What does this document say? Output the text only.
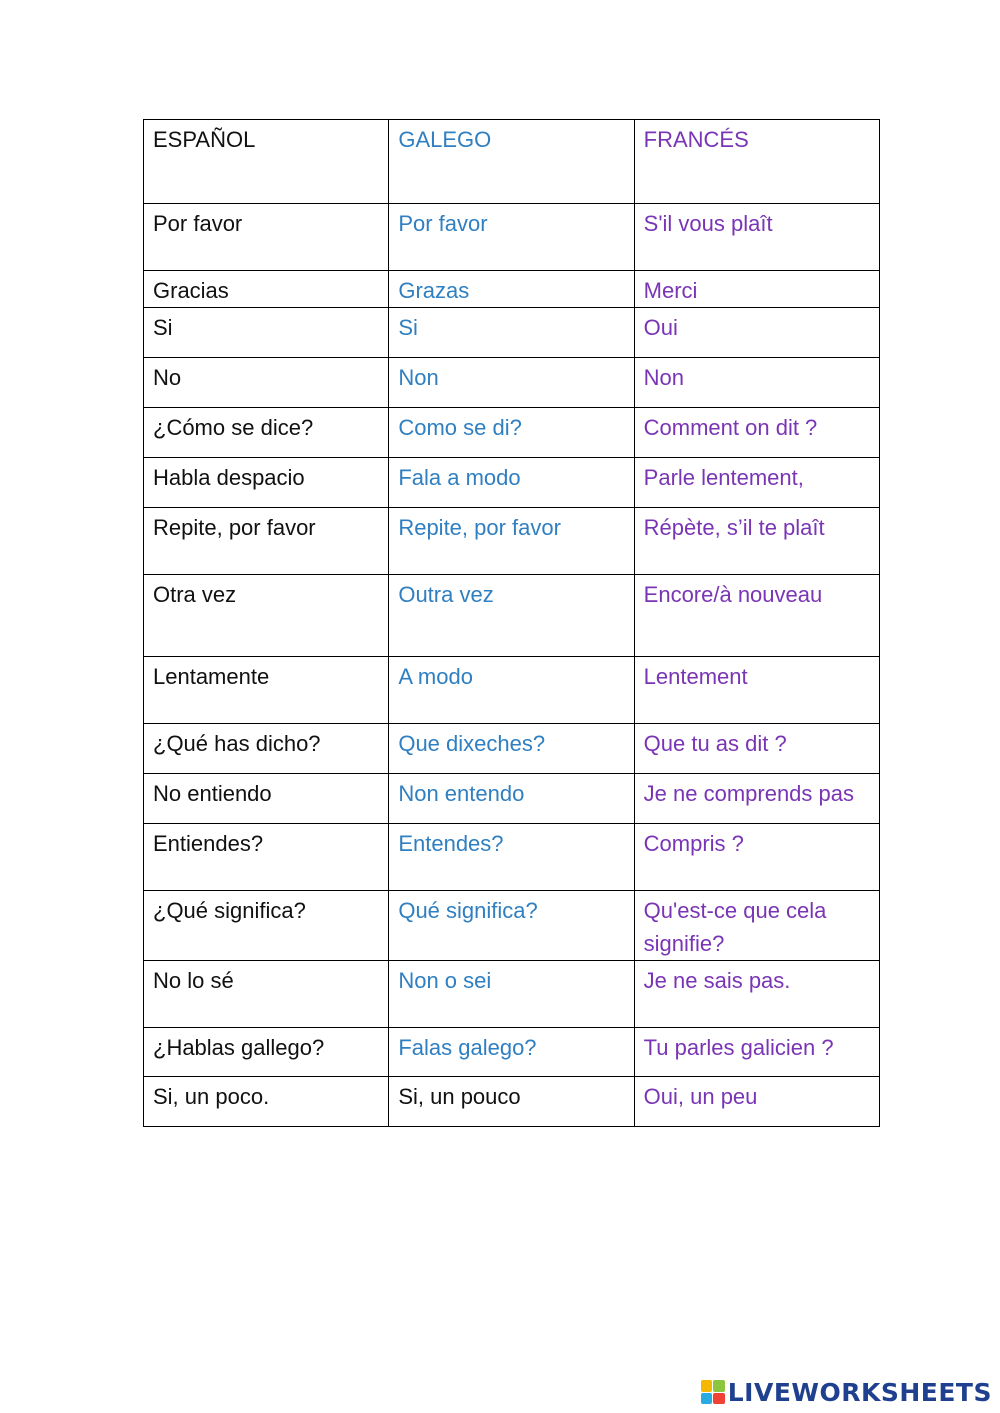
ESPAÑOL	GALEGO	FRANCÉS
Por favor	Por favor	S'il vous plaît
Gracias	Grazas	Merci
Si	Si	Oui
No	Non	Non
¿Cómo se dice?	Como se di?	Comment on dit ?
Habla despacio	Fala a modo	Parle lentement,
Repite, por favor	Repite, por favor	Répète, s’il te plaît
Otra vez	Outra vez	Encore/à nouveau
Lentamente	A modo	Lentement
¿Qué has dicho?	Que dixeches?	Que tu as dit ?
No entiendo	Non entendo	Je ne comprends pas
Entiendes?	Entendes?	Compris ?
¿Qué significa?	Qué significa?	Qu'est-ce que cela signifie?
No lo sé	Non o sei	Je ne sais pas.
¿Hablas gallego?	Falas galego?	Tu parles galicien ?
Si, un poco.	Si, un pouco	Oui, un peu
LIVEWORKSHEETS
